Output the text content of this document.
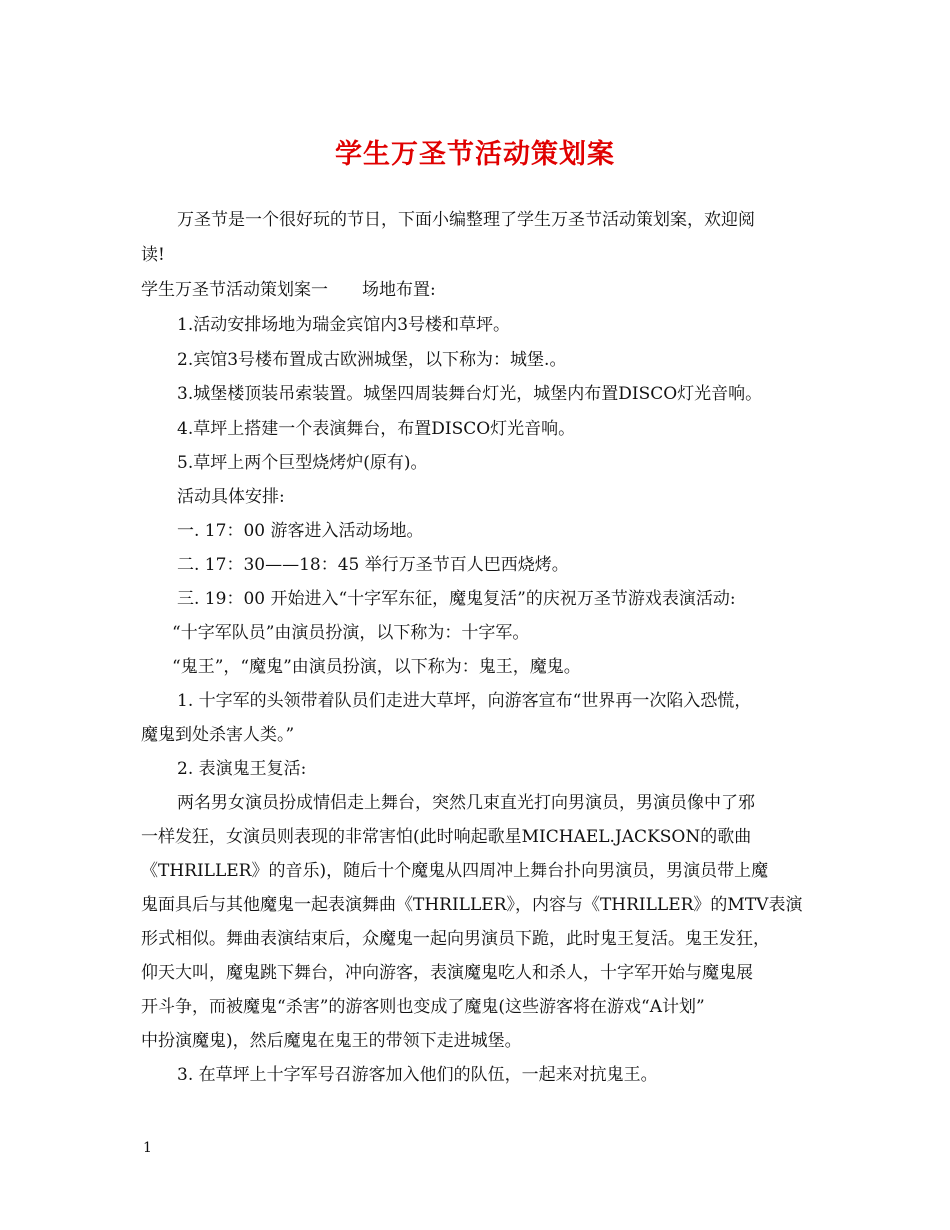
学生万圣节活动策划案
万圣节是一个很好玩的节日，下面小编整理了学生万圣节活动策划案，欢迎阅
读!
学生万圣节活动策划案一　　场地布置:
1.活动安排场地为瑞金宾馆内3号楼和草坪。
2.宾馆3号楼布置成古欧洲城堡，以下称为：城堡.。
3.城堡楼顶装吊索装置。城堡四周装舞台灯光，城堡内布置DISCO灯光音响。
4.草坪上搭建一个表演舞台，布置DISCO灯光音响。
5.草坪上两个巨型烧烤炉(原有)。
活动具体安排:
一. 17：00 游客进入活动场地。
二. 17：30——18：45 举行万圣节百人巴西烧烤。
三. 19：00 开始进入“十字军东征，魔鬼复活”的庆祝万圣节游戏表演活动:
“十字军队员”由演员扮演，以下称为：十字军。
“鬼王”，“魔鬼”由演员扮演，以下称为：鬼王，魔鬼。
1. 十字军的头领带着队员们走进大草坪，向游客宣布“世界再一次陷入恐慌，
魔鬼到处杀害人类。”
2. 表演鬼王复活:
两名男女演员扮成情侣走上舞台，突然几束直光打向男演员，男演员像中了邪
一样发狂，女演员则表现的非常害怕(此时响起歌星MICHAEL.JACKSON的歌曲
《THRILLER》的音乐)，随后十个魔鬼从四周冲上舞台扑向男演员，男演员带上魔
鬼面具后与其他魔鬼一起表演舞曲《THRILLER》，内容与《THRILLER》的MTV表演
形式相似。舞曲表演结束后，众魔鬼一起向男演员下跪，此时鬼王复活。鬼王发狂，
仰天大叫，魔鬼跳下舞台，冲向游客，表演魔鬼吃人和杀人，十字军开始与魔鬼展
开斗争，而被魔鬼“杀害”的游客则也变成了魔鬼(这些游客将在游戏“A计划”
中扮演魔鬼)，然后魔鬼在鬼王的带领下走进城堡。
3. 在草坪上十字军号召游客加入他们的队伍，一起来对抗鬼王。
1
